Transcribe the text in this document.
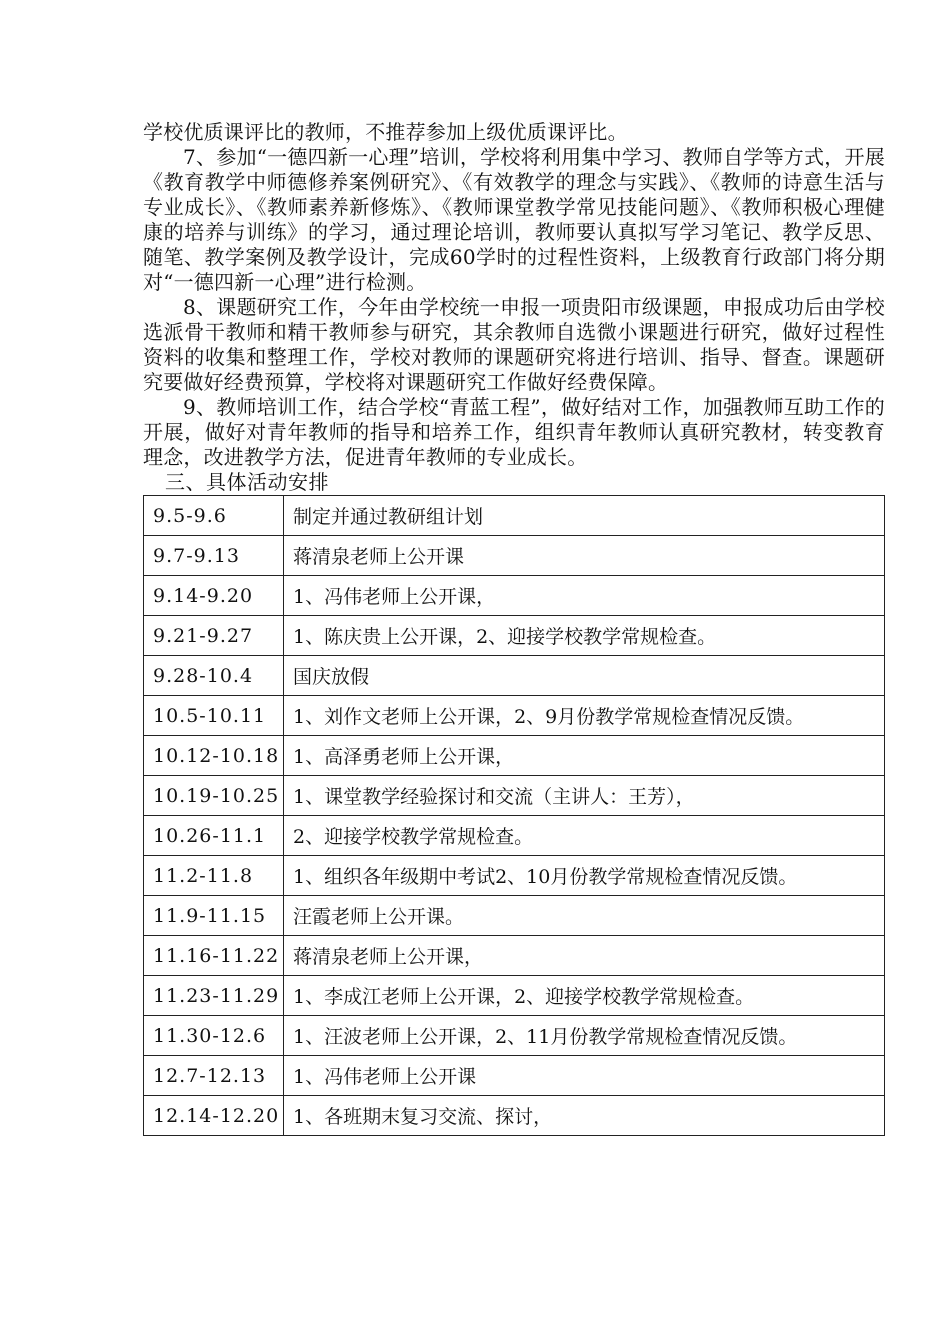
学校优质课评比的教师，不推荐参加上级优质课评比。

7、参加“一德四新一心理”培训，学校将利用集中学习、教师自学等方式，开展《教育教学中师德修养案例研究》、《有效教学的理念与实践》、《教师的诗意生活与专业成长》、《教师素养新修炼》、《教师课堂教学常见技能问题》、《教师积极心理健康的培养与训练》的学习，通过理论培训，教师要认真拟写学习笔记、教学反思、随笔、教学案例及教学设计，完成60学时的过程性资料，上级教育行政部门将分期对“一德四新一心理”进行检测。

8、课题研究工作，今年由学校统一申报一项贵阳市级课题，申报成功后由学校选派骨干教师和精干教师参与研究，其余教师自选微小课题进行研究，做好过程性资料的收集和整理工作，学校对教师的课题研究将进行培训、指导、督查。课题研究要做好经费预算，学校将对课题研究工作做好经费保障。

9、教师培训工作，结合学校“青蓝工程”，做好结对工作，加强教师互助工作的开展，做好对青年教师的指导和培养工作，组织青年教师认真研究教材，转变教育理念，改进教学方法，促进青年教师的专业成长。

三、具体活动安排

9.5-9.6	制定并通过教研组计划
9.7-9.13	蒋清泉老师上公开课
9.14-9.20	1、冯伟老师上公开课，
9.21-9.27	1、陈庆贵上公开课，2、迎接学校教学常规检查。
9.28-10.4	国庆放假
10.5-10.11	1、刘作文老师上公开课，2、9月份教学常规检查情况反馈。
10.12-10.18	1、高泽勇老师上公开课，
10.19-10.25	1、课堂教学经验探讨和交流（主讲人：王芳），
10.26-11.1	2、迎接学校教学常规检查。
11.2-11.8	1、组织各年级期中考试2、10月份教学常规检查情况反馈。
11.9-11.15	汪霞老师上公开课。
11.16-11.22	蒋清泉老师上公开课，
11.23-11.29	1、李成江老师上公开课，2、迎接学校教学常规检查。
11.30-12.6	1、汪波老师上公开课，2、11月份教学常规检查情况反馈。
12.7-12.13	1、冯伟老师上公开课
12.14-12.20	1、各班期末复习交流、探讨，
